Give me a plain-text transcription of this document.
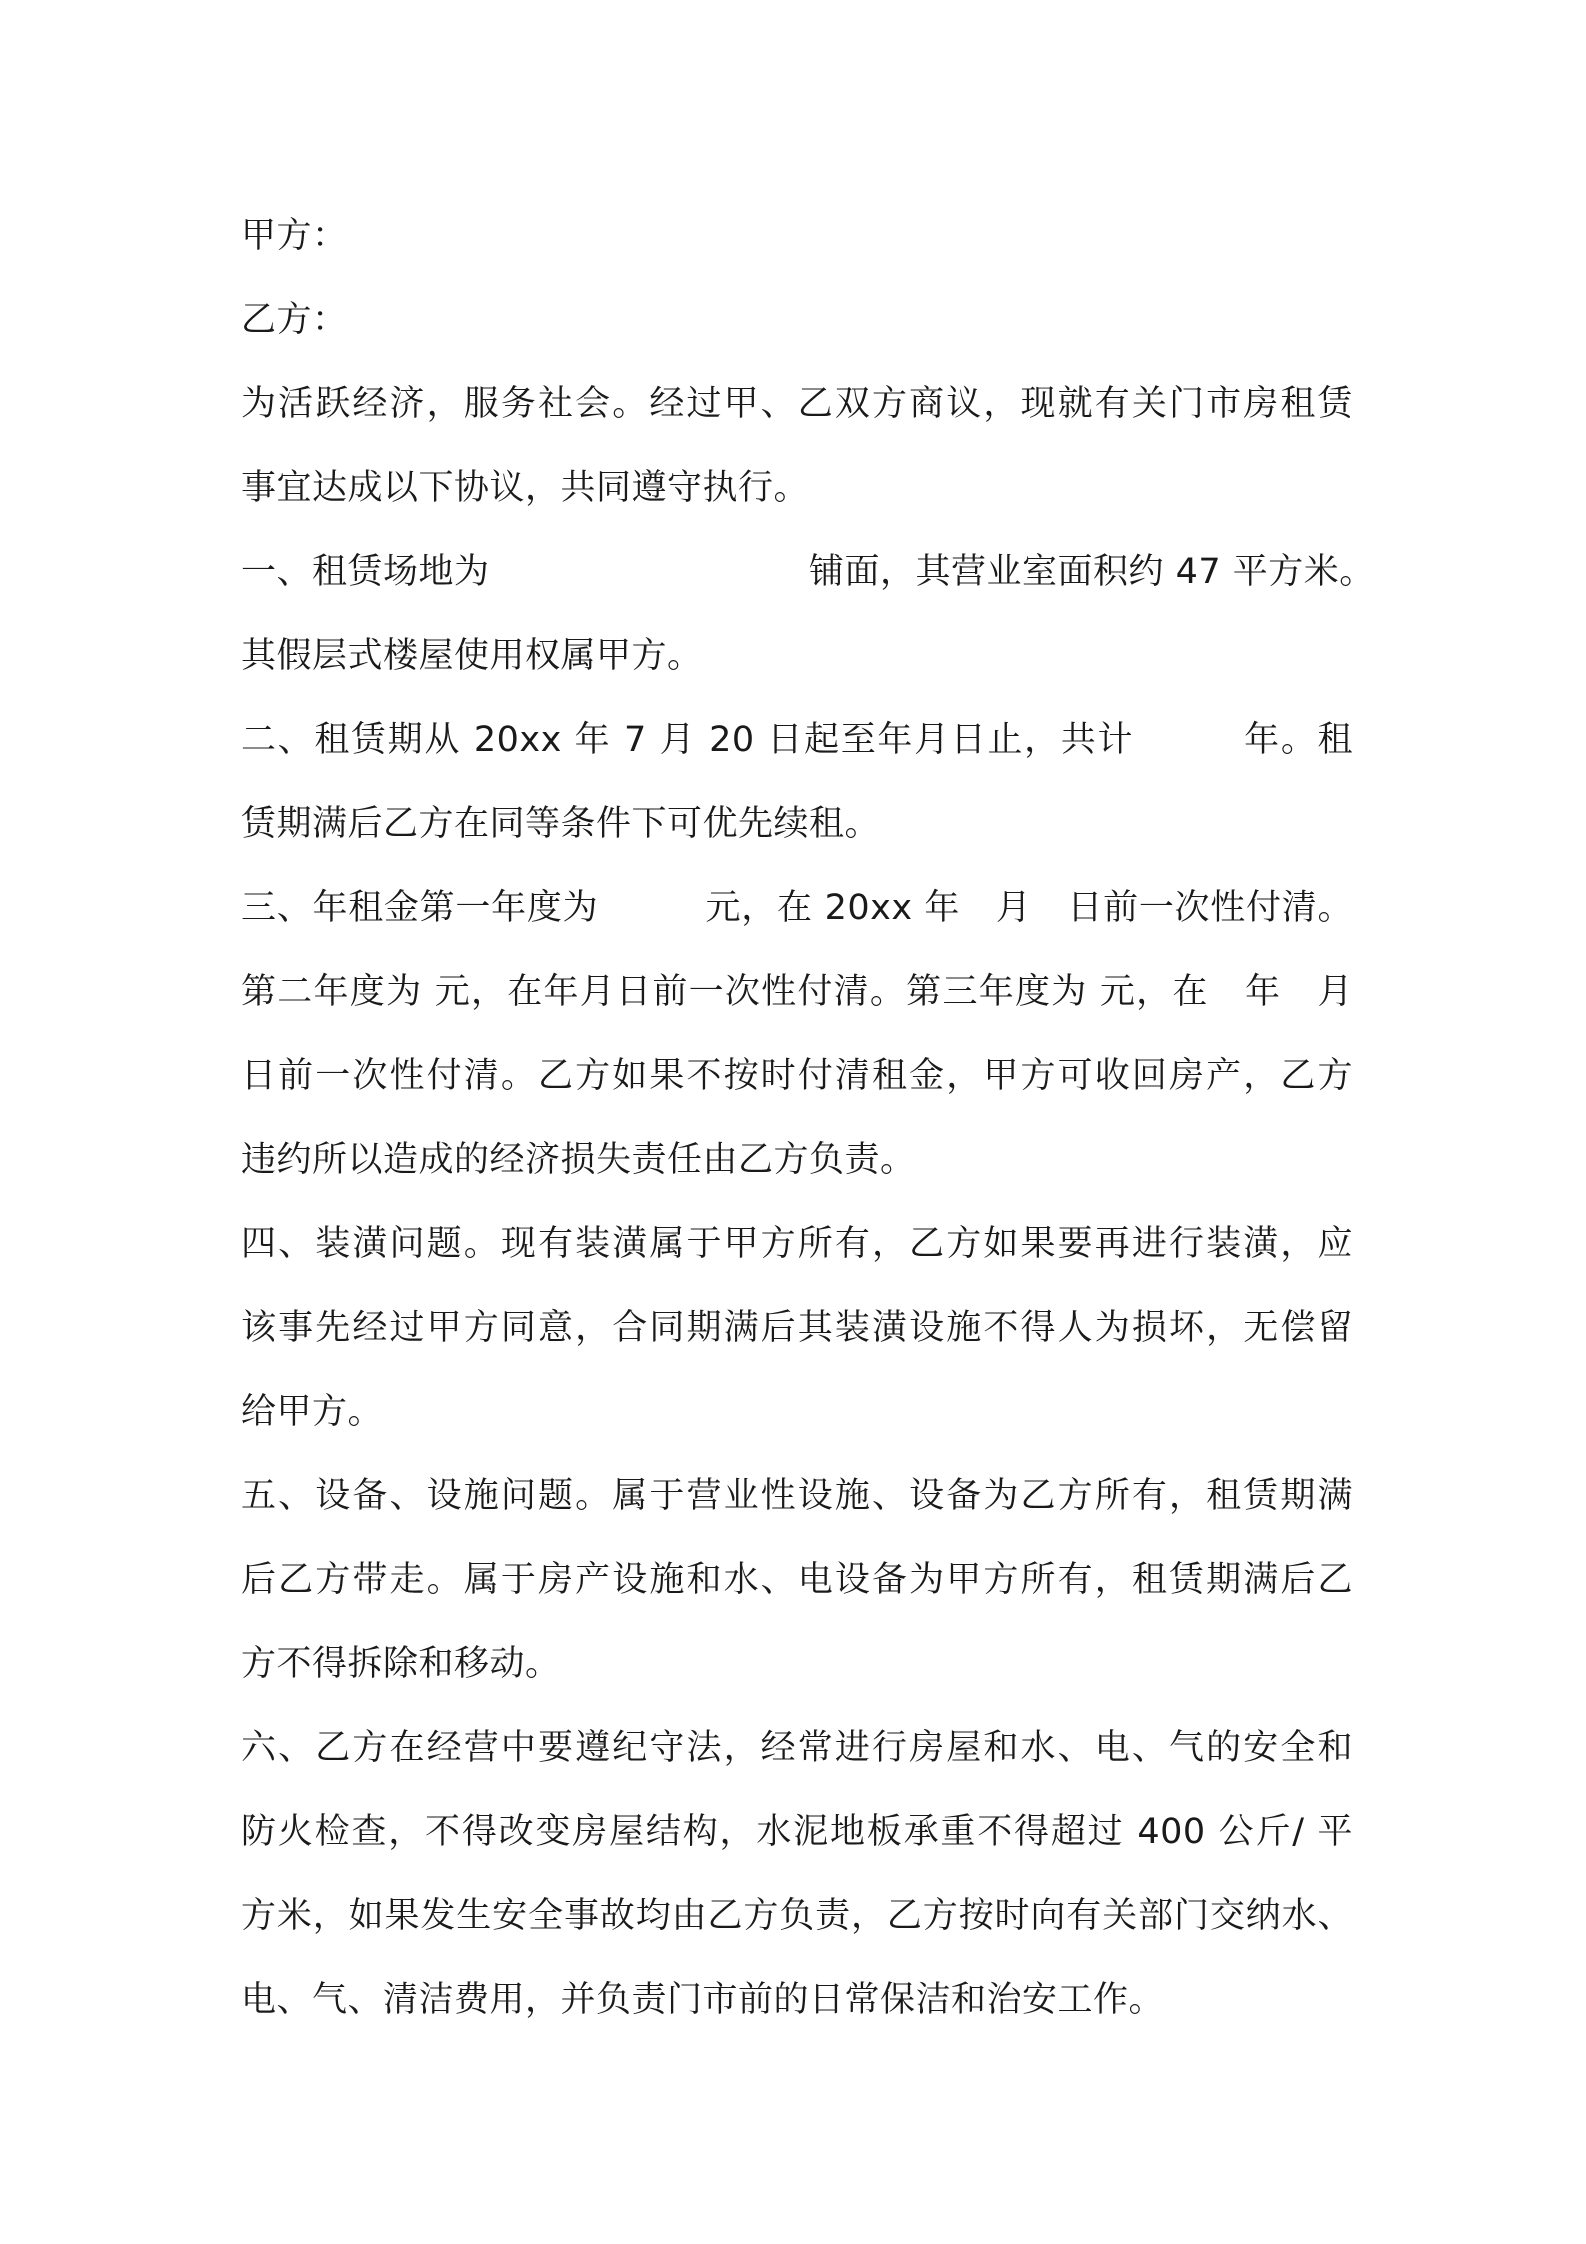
甲方：
乙方：
为活跃经济，服务社会。经过甲、乙双方商议，现就有关门市房租赁
事宜达成以下协议，共同遵守执行。
一、租赁场地为　　　　　　　　　铺面，其营业室面积约 47 平方米。
其假层式楼屋使用权属甲方。
二、租赁期从 20xx 年 7 月 20 日起至年月日止，共计　　　年。租
赁期满后乙方在同等条件下可优先续租。
三、年租金第一年度为　　　元，在 20xx 年　月　日前一次性付清。
第二年度为 元，在年月日前一次性付清。第三年度为 元，在　年　月
日前一次性付清。乙方如果不按时付清租金，甲方可收回房产，乙方
违约所以造成的经济损失责任由乙方负责。
四、装潢问题。现有装潢属于甲方所有，乙方如果要再进行装潢，应
该事先经过甲方同意，合同期满后其装潢设施不得人为损坏，无偿留
给甲方。
五、设备、设施问题。属于营业性设施、设备为乙方所有，租赁期满
后乙方带走。属于房产设施和水、电设备为甲方所有，租赁期满后乙
方不得拆除和移动。
六、乙方在经营中要遵纪守法，经常进行房屋和水、电、气的安全和
防火检查，不得改变房屋结构，水泥地板承重不得超过 400 公斤/ 平
方米，如果发生安全事故均由乙方负责，乙方按时向有关部门交纳水、
电、气、清洁费用，并负责门市前的日常保洁和治安工作。
